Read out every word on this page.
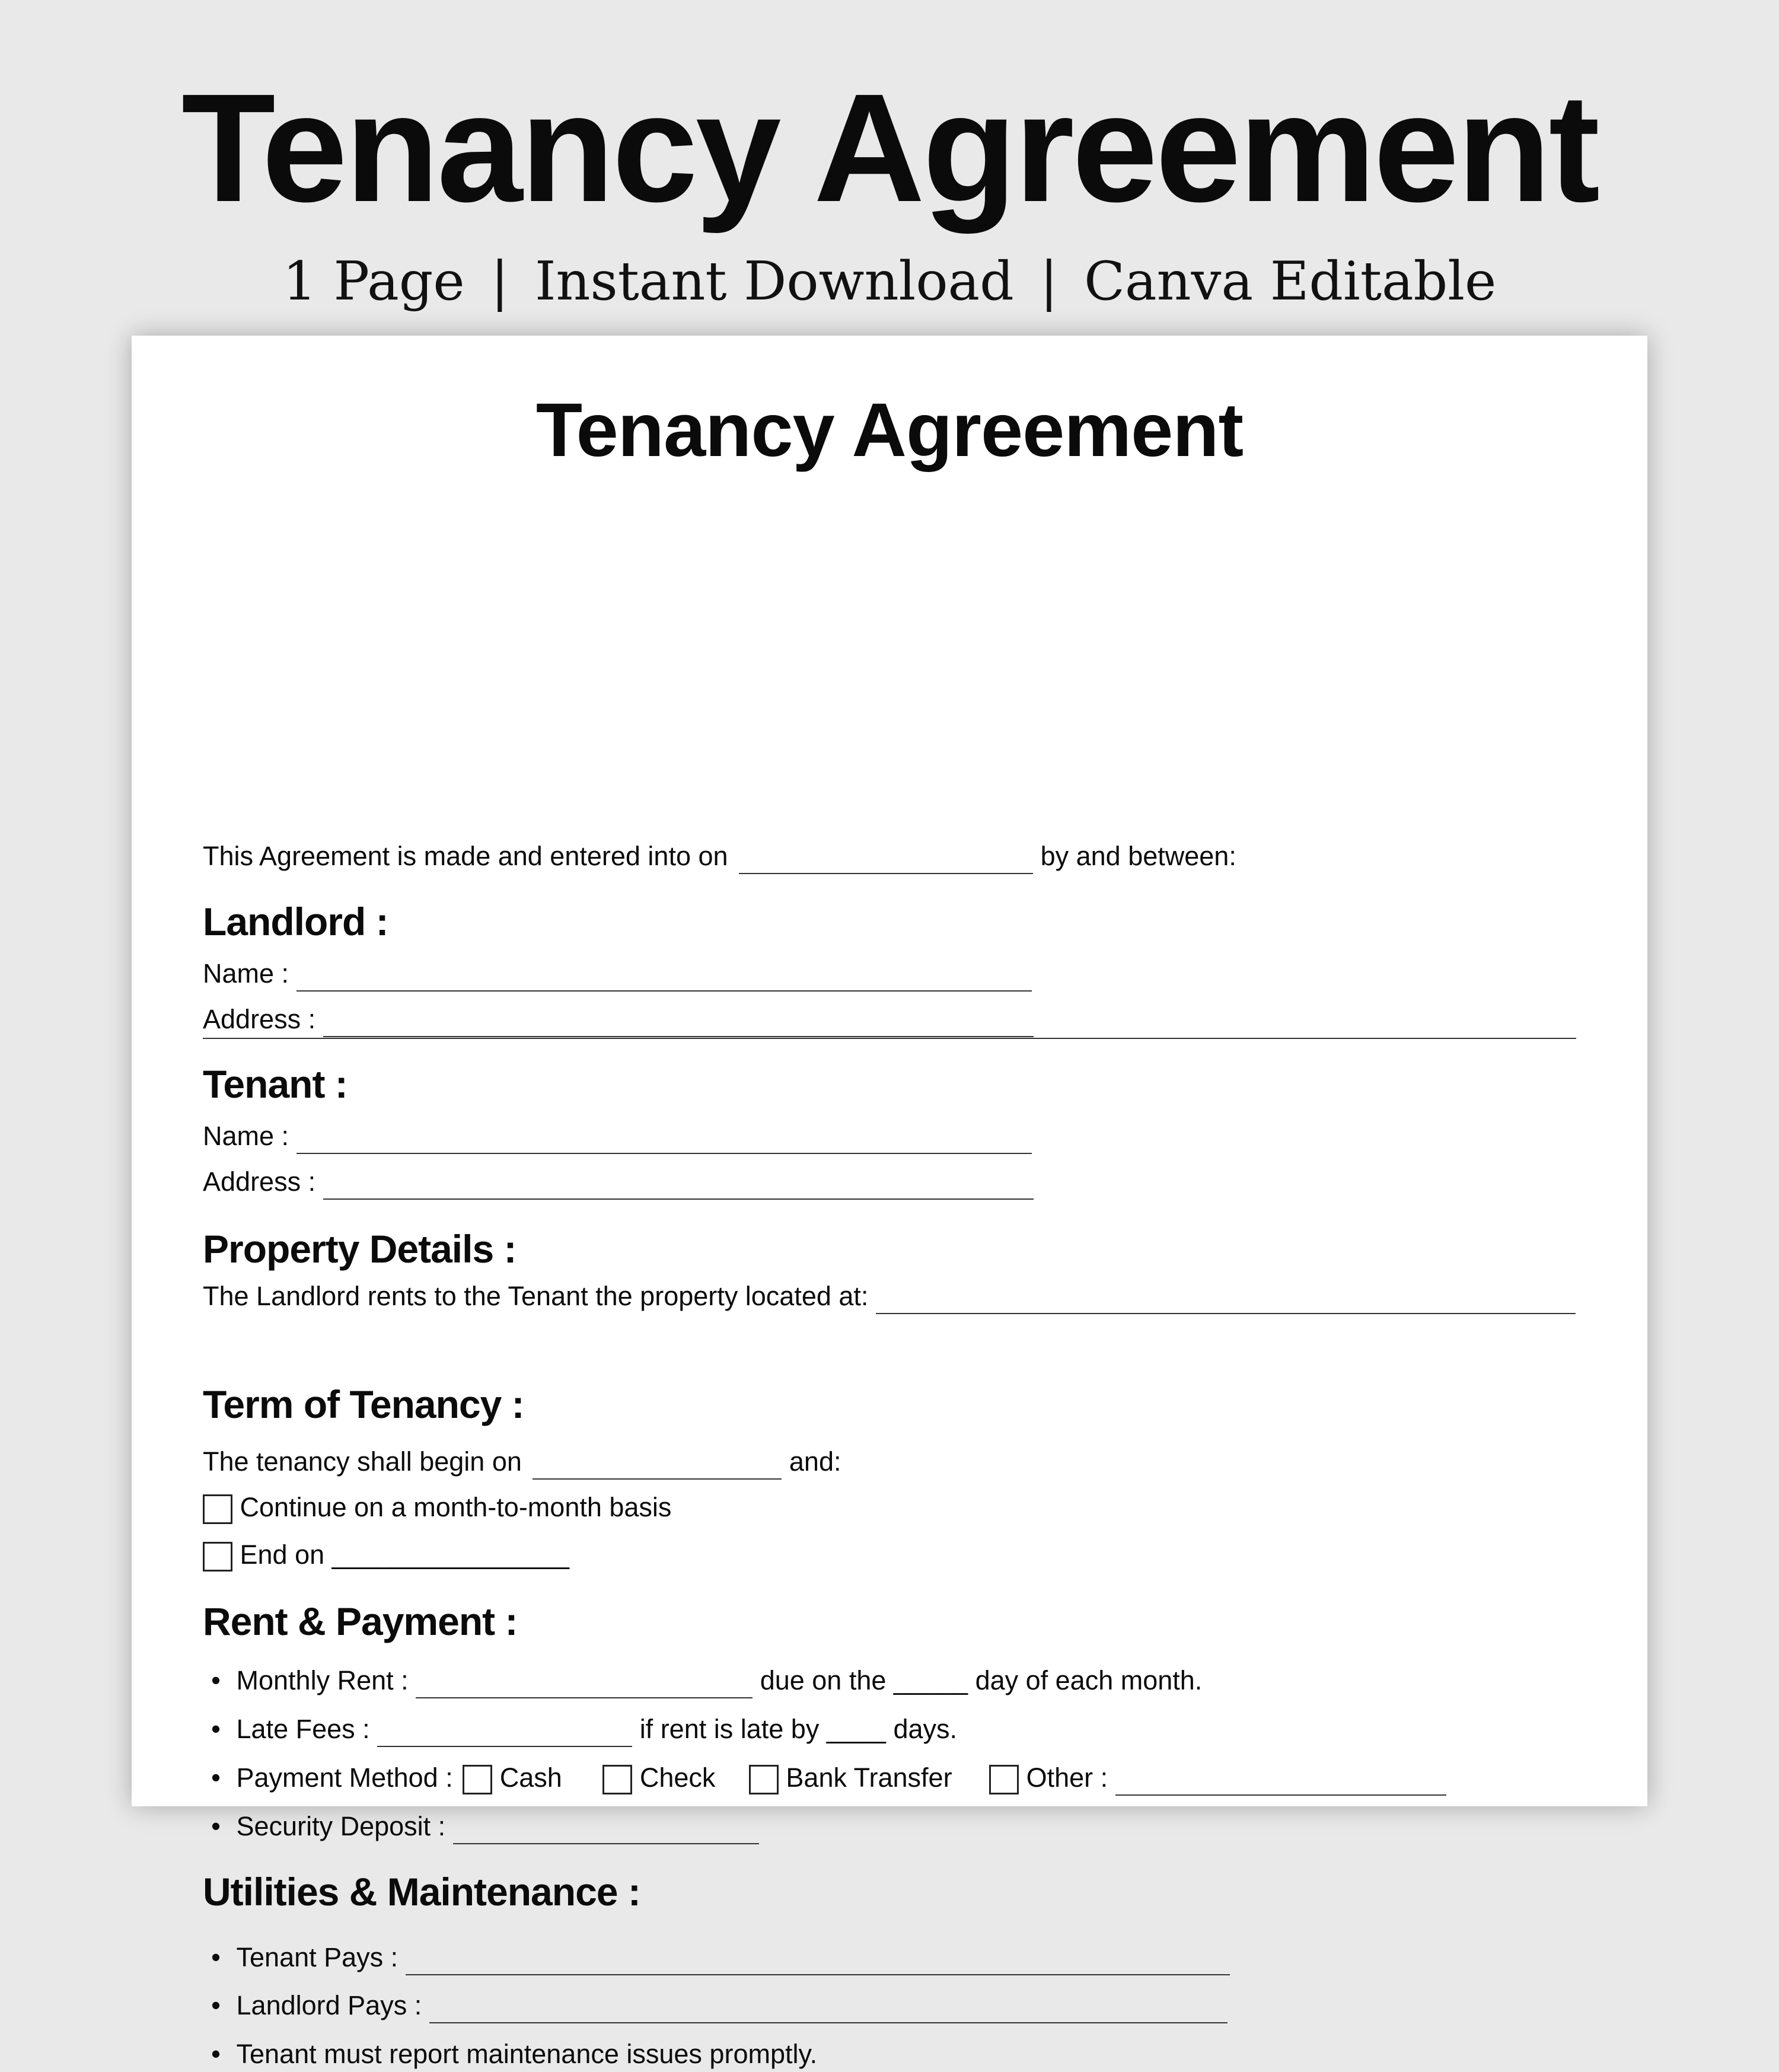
Tenancy Agreement
1 Page | Instant Download | Canva Editable
Tenancy Agreement
This Agreement is made and entered into on	by and between:
Landlord :
Name :
Address :
Tenant :
Name :
Address :
Property Details :
The Landlord rents to the Tenant the property located at:
Term of Tenancy :
The tenancy shall begin on	and:
Continue on a month-to-month basis
End on ________________
Rent & Payment :
• Monthly Rent :	due on the _____ day of each month.
• Late Fees :	if rent is late by ____ days.
• Payment Method : Cash	Check	Bank Transfer	Other :
• Security Deposit :
Utilities & Maintenance :
• Tenant Pays :
• Landlord Pays :
• Tenant must report maintenance issues promptly.
